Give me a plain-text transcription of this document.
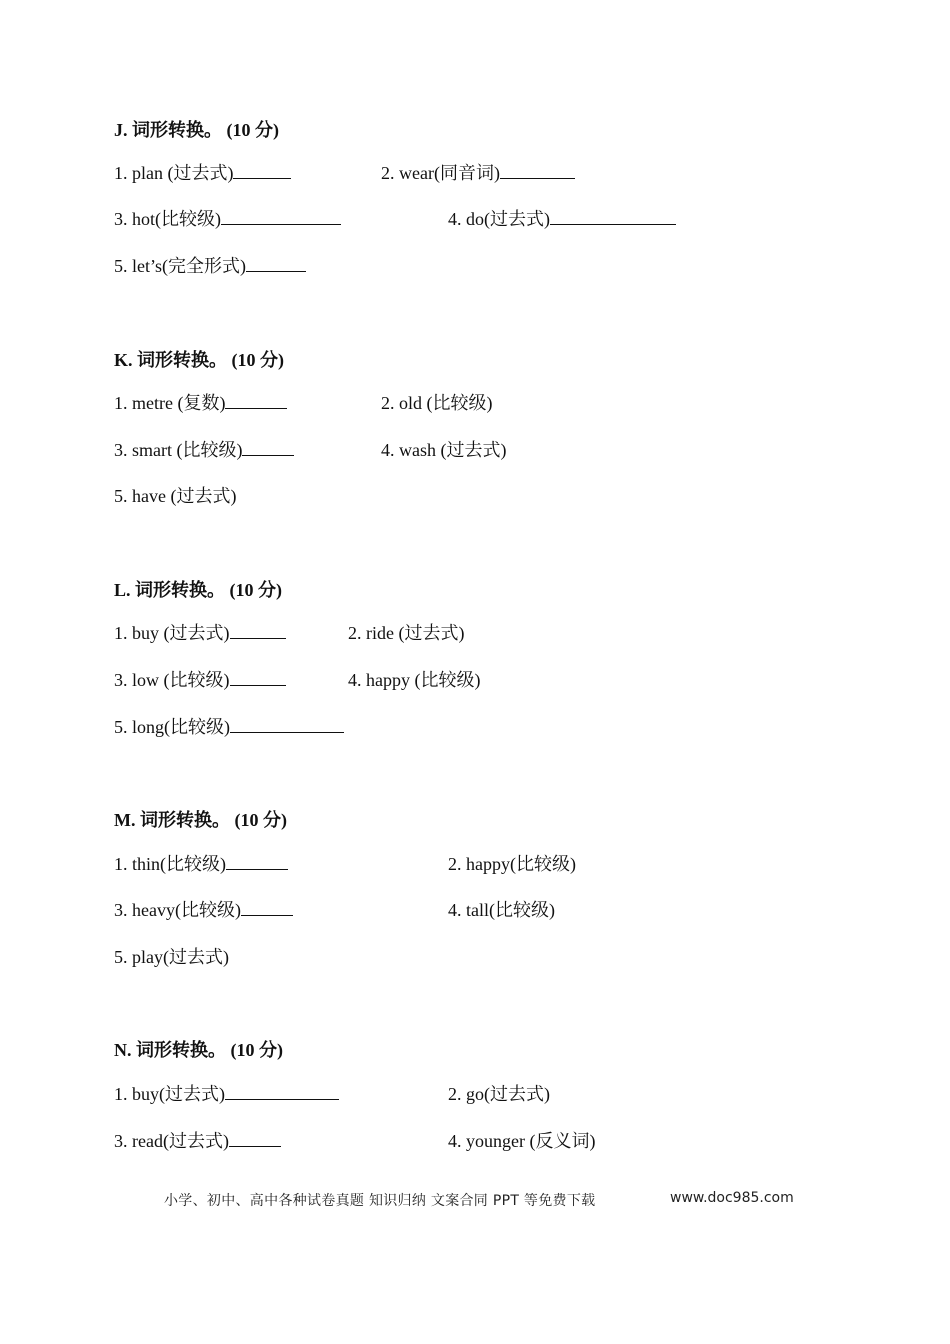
J. 词形转换。 (10 分)
1. plan (过去式)	2. wear(同音词)
3. hot(比较级)	4. do(过去式)
5. let’s(完全形式)
K. 词形转换。 (10 分)
1. metre (复数)	2. old (比较级)
3. smart (比较级)	4. wash (过去式)
5. have (过去式)
L. 词形转换。 (10 分)
1. buy (过去式)	2. ride (过去式)
3. low (比较级)	4. happy (比较级)
5. long(比较级)
M. 词形转换。 (10 分)
1. thin(比较级)	2. happy(比较级)
3. heavy(比较级)	4. tall(比较级)
5. play(过去式)
N. 词形转换。 (10 分)
1. buy(过去式)	2. go(过去式)
3. read(过去式)	4. younger (反义词)
小学、初中、高中各种试卷真题 知识归纳 文案合同 PPT 等免费下载	www.doc985.com
